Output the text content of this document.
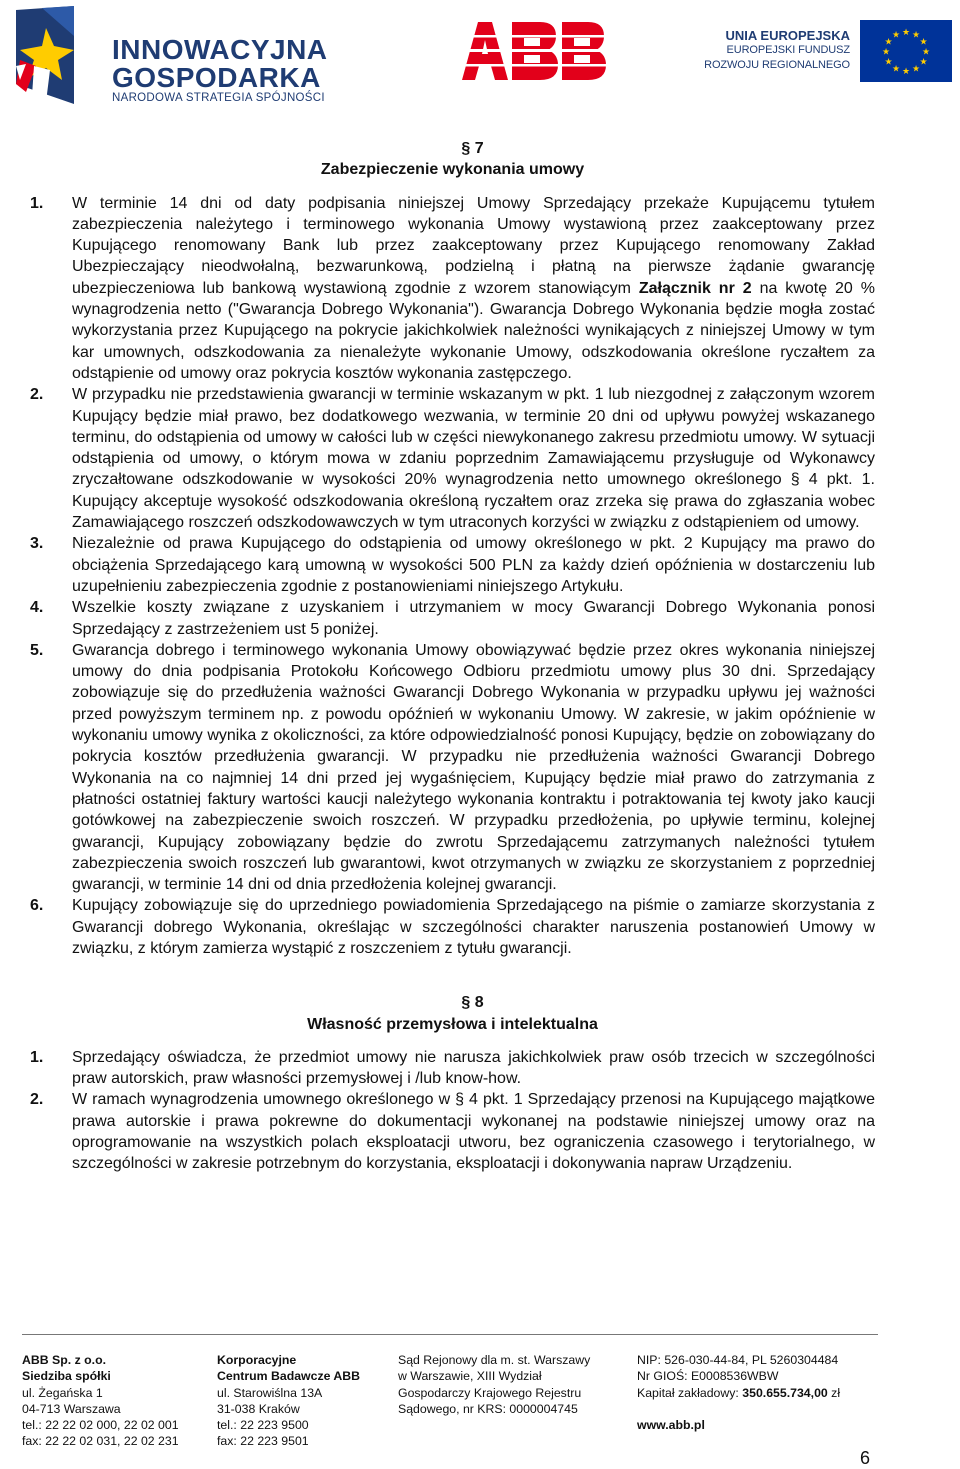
INNOWACYJNA
GOSPODARKA
NARODOWA STRATEGIA SPÓJNOŚCI
UNIA EUROPEJSKA
EUROPEJSKI FUNDUSZ
ROZWOJU REGIONALNEGO
★ ★
★
★
★
★
★
★
★
★
★
★
§ 7
Zabezpieczenie wykonania umowy
1.	W terminie 14 dni od daty podpisania niniejszej Umowy Sprzedający przekaże Kupującemu tytułem zabezpieczenia należytego i terminowego wykonania Umowy wystawioną przez zaakceptowany przez Kupującego renomowany Bank lub przez zaakceptowany przez Kupującego renomowany Zakład Ubezpieczający nieodwołalną, bezwarunkową, podzielną i płatną na pierwsze żądanie gwarancję ubezpieczeniowa lub bankową wystawioną zgodnie z wzorem stanowiącym Załącznik nr 2 na kwotę 20 % wynagrodzenia netto ("Gwarancja Dobrego Wykonania"). Gwarancja Dobrego Wykonania będzie mogła zostać wykorzystania przez Kupującego na pokrycie jakichkolwiek należności wynikających z niniejszej Umowy w tym kar umownych, odszkodowania za nienależyte wykonanie Umowy, odszkodowania określone ryczałtem za odstąpienie od umowy oraz pokrycia kosztów wykonania zastępczego.
2.	W przypadku nie przedstawienia gwarancji w terminie wskazanym w pkt. 1 lub niezgodnej z załączonym wzorem Kupujący będzie miał prawo, bez dodatkowego wezwania, w terminie 20 dni od upływu powyżej wskazanego terminu, do odstąpienia od umowy w całości lub w części niewykonanego zakresu przedmiotu umowy. W sytuacji odstąpienia od umowy, o którym mowa w zdaniu poprzednim Zamawiającemu przysługuje od Wykonawcy zryczałtowane odszkodowanie w wysokości 20% wynagrodzenia netto umownego określonego § 4 pkt. 1. Kupujący akceptuje wysokość odszkodowania określoną ryczałtem oraz zrzeka się prawa do zgłaszania wobec Zamawiającego roszczeń odszkodowawczych w tym utraconych korzyści w związku z odstąpieniem od umowy.
3.	Niezależnie od prawa Kupującego do odstąpienia od umowy określonego w pkt. 2 Kupujący ma prawo do obciążenia Sprzedającego karą umowną w wysokości 500 PLN za każdy dzień opóźnienia w dostarczeniu lub uzupełnieniu zabezpieczenia zgodnie z postanowieniami niniejszego Artykułu.
4.	Wszelkie koszty związane z uzyskaniem i utrzymaniem w mocy Gwarancji Dobrego Wykonania ponosi Sprzedający z zastrzeżeniem ust 5 poniżej.
5.	Gwarancja dobrego i terminowego wykonania Umowy obowiązywać będzie przez okres wykonania niniejszej umowy do dnia podpisania Protokołu Końcowego Odbioru przedmiotu umowy plus 30 dni. Sprzedający zobowiązuje się do przedłużenia ważności Gwarancji Dobrego Wykonania w przypadku upływu jej ważności przed powyższym terminem np. z powodu opóźnień w wykonaniu Umowy. W zakresie, w jakim opóźnienie w wykonaniu umowy wynika z okoliczności, za które odpowiedzialność ponosi Kupujący, będzie on zobowiązany do pokrycia kosztów przedłużenia gwarancji. W przypadku nie przedłużenia ważności Gwarancji Dobrego Wykonania na co najmniej 14 dni przed jej wygaśnięciem, Kupujący będzie miał prawo do zatrzymania z płatności ostatniej faktury wartości kaucji należytego wykonania kontraktu i potraktowania tej kwoty jako kaucji gotówkowej na zabezpieczenie swoich roszczeń. W przypadku przedłożenia, po upływie terminu, kolejnej gwarancji, Kupujący zobowiązany będzie do zwrotu Sprzedającemu zatrzymanych należności tytułem zabezpieczenia swoich roszczeń lub gwarantowi, kwot otrzymanych w związku ze skorzystaniem z poprzedniej gwarancji, w terminie 14 dni od dnia przedłożenia kolejnej gwarancji.
6.	Kupujący zobowiązuje się do uprzedniego powiadomienia Sprzedającego na piśmie o zamiarze skorzystania z Gwarancji dobrego Wykonania, określając w szczególności charakter naruszenia postanowień Umowy w związku, z którym zamierza wystąpić z roszczeniem z tytułu gwarancji.
§ 8
Własność przemysłowa i intelektualna
1.	Sprzedający oświadcza, że przedmiot umowy nie narusza jakichkolwiek praw osób trzecich w szczególności praw autorskich, praw własności przemysłowej i /lub know-how.
2.	W ramach wynagrodzenia umownego określonego w § 4 pkt. 1 Sprzedający przenosi na Kupującego majątkowe prawa autorskie i prawa pokrewne do dokumentacji wykonanej na podstawie niniejszej umowy oraz na oprogramowanie na wszystkich polach eksploatacji utworu, bez ograniczenia czasowego i terytorialnego, w szczególności w zakresie potrzebnym do korzystania, eksploatacji i dokonywania napraw Urządzeniu.
ABB Sp. z o.o.
Siedziba spółki
ul. Żegańska 1
04-713 Warszawa
tel.: 22 22 02 000, 22 02 001
fax: 22 22 02 031, 22 02 231
Korporacyjne
Centrum Badawcze ABB
ul. Starowiślna 13A
31-038 Kraków
tel.: 22 223 9500
fax: 22 223 9501
Sąd Rejonowy dla m. st. Warszawy
w Warszawie, XIII Wydział
Gospodarczy Krajowego Rejestru
Sądowego, nr KRS: 0000004745
NIP: 526-030-44-84, PL 5260304484
Nr GIOŚ: E0008536WBW
Kapitał zakładowy: 350.655.734,00 zł
www.abb.pl
6
